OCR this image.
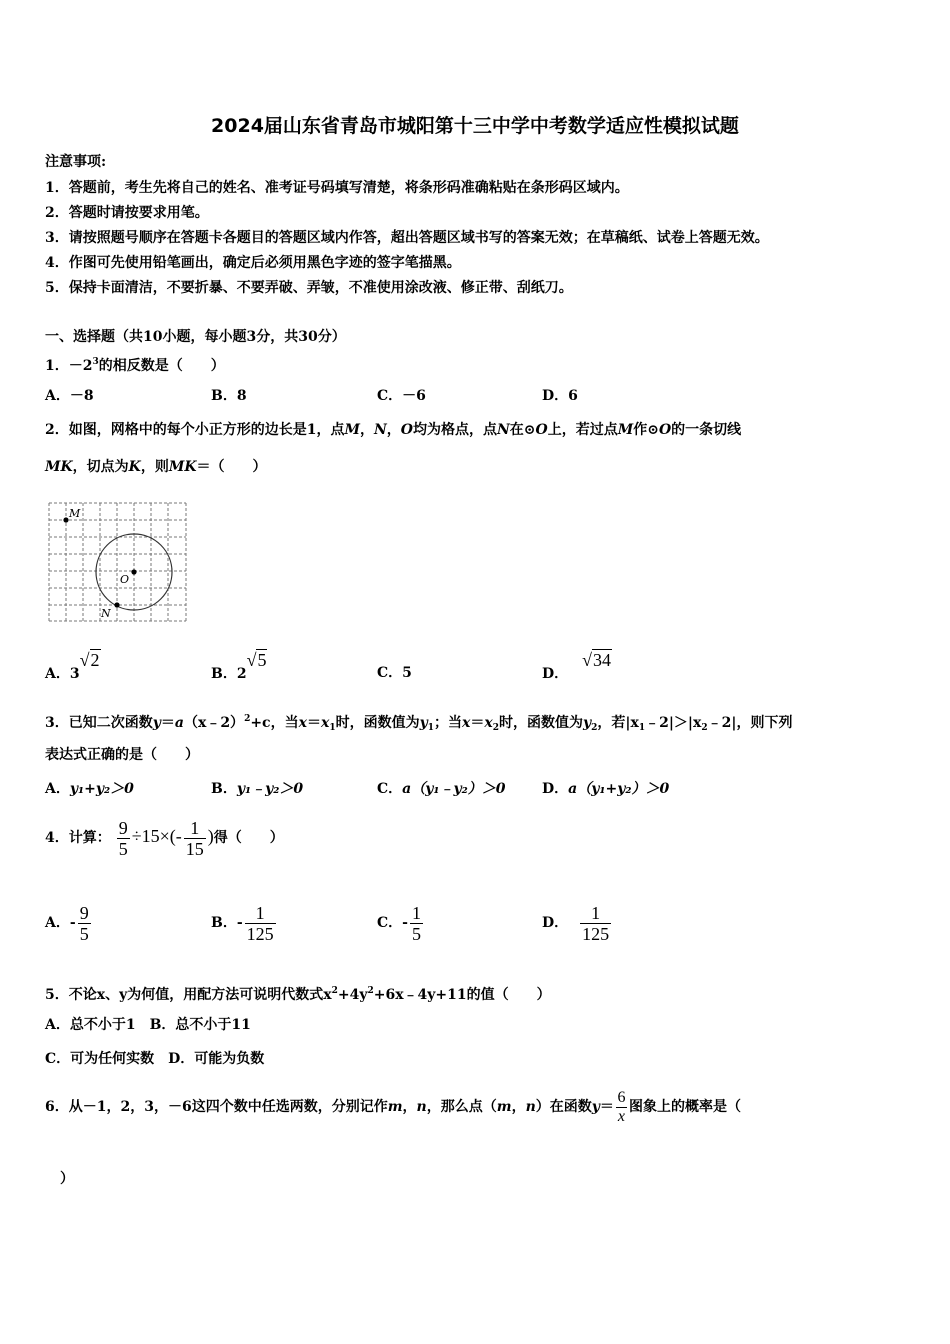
2024届山东省青岛市城阳第十三中学中考数学适应性模拟试题
注意事项:
1．答题前，考生先将自己的姓名、准考证号码填写清楚，将条形码准确粘贴在条形码区域内。
2．答题时请按要求用笔。
3．请按照题号顺序在答题卡各题目的答题区域内作答，超出答题区域书写的答案无效；在草稿纸、试卷上答题无效。
4．作图可先使用铅笔画出，确定后必须用黑色字迹的签字笔描黑。
5．保持卡面清洁，不要折暴、不要弄破、弄皱，不准使用涂改液、修正带、刮纸刀。
一、选择题（共10小题，每小题3分，共30分）
1．$-2^3$的相反数是（　　）
A．－8	B．8	C．－6	D．6
2．如图，网格中的每个小正方形的边长是1，点M，N，O均为格点，点N在⊙O上，若过点M作⊙O的一条切线
MK，切点为K，则MK＝（　　）
M
O
N
A．3√2
B．2√5
C．5	D．√34
3．已知二次函数y＝a（x﹣2）$^2$+c，当$x=x_1$时，函数值为$y_1$；当$x=x_2$时，函数值为$y_2$，若$|x_1﹣2|>|x_2﹣2|$，则下列
表达式正确的是（　　）
A．y₁+y₂＞0	B．y₁﹣y₂＞0	C．a（y₁﹣y₂）＞0	D．a（y₁+y₂）＞0
4．计算： $\frac{9}{5} \div 15\times(- \frac{1}{15}$ )得（　　）
A．- $\frac{9}{5}$	B．- $\frac{1}{125}$	C．- $\frac{1}{5}$	D． $\frac{1}{125}$
5．不论x、y为何值，用配方法可说明代数式$x^2+4y^2+6x﹣4y+11$的值（　　）
A．总不小于1　B．总不小于11
C．可为任何实数　D．可能为负数
6．从－1，2，3，－6这四个数中任选两数，分别记作m，n，那么点（m，n）在函数$y= \frac{6}{x}$ 图象上的概率是（
）
